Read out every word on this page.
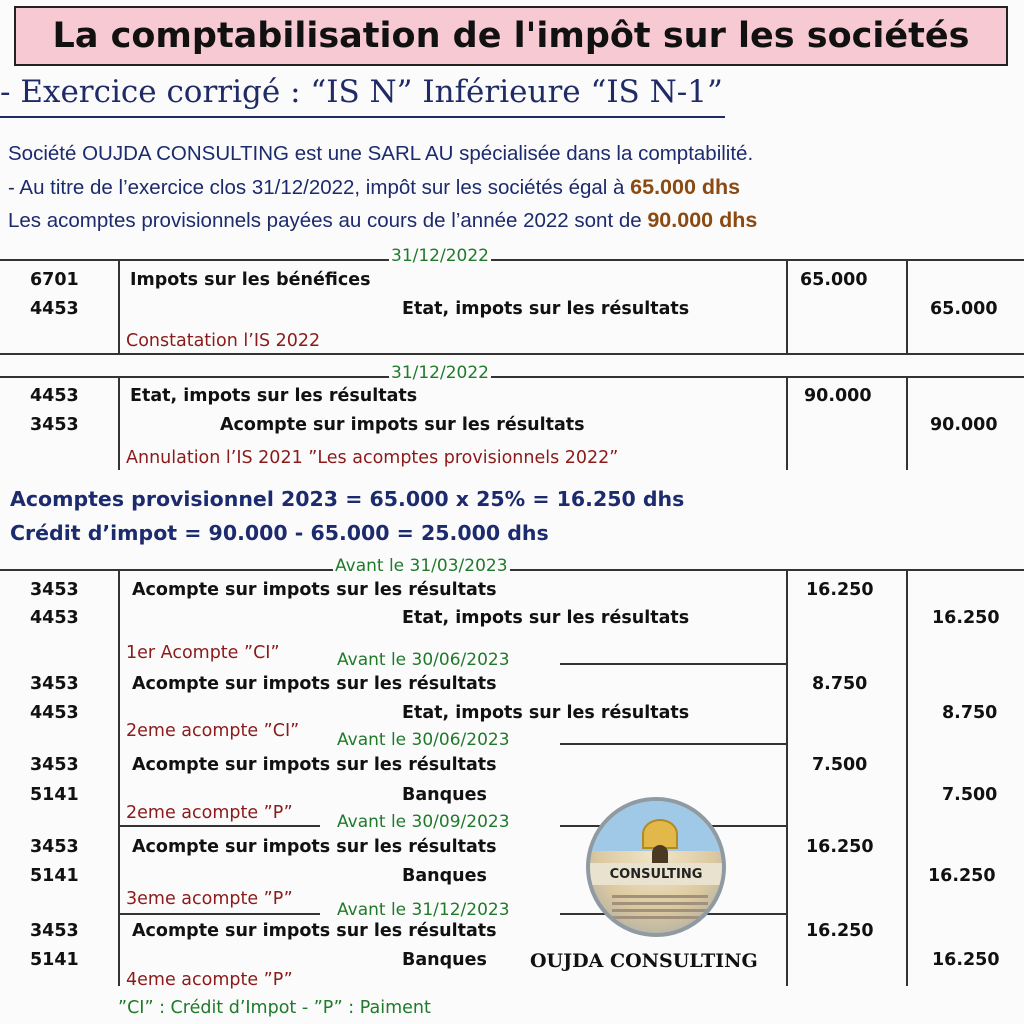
La comptabilisation de l'impôt sur les sociétés
- Exercice corrigé : “IS N” Inférieure “IS N-1”
Société OUJDA CONSULTING est une SARL AU spécialisée dans la comptabilité.
- Au titre de l’exercice clos 31/12/2022, impôt sur les sociétés égal à 65.000 dhs
Les acomptes provisionnels payées au cours de l’année 2022 sont de 90.000 dhs
31/12/2022
6701
4453
Impots sur les bénéfices
Etat, impots sur les résultats
65.000
65.000
Constatation l’IS 2022
31/12/2022
4453
3453
Etat, impots sur les résultats
Acompte sur impots sur les résultats
90.000
90.000
Annulation l’IS 2021 ”Les acomptes provisionnels 2022”
Acomptes provisionnel 2023 = 65.000 x 25% = 16.250 dhs
Crédit d’impot = 90.000 - 65.000 = 25.000 dhs
Avant le 31/03/2023
3453
4453
Acompte sur impots sur les résultats
Etat, impots sur les résultats
16.250
16.250
1er Acompte ”CI”	Avant le 30/06/2023
3453
4453
Acompte sur impots sur les résultats
Etat, impots sur les résultats
8.750
8.750
2eme acompte ”CI” Avant le 30/06/2023
3453
5141
Acompte sur impots sur les résultats
Banques
7.500
7.500
2eme acompte ”P”	Avant le 30/09/2023
3453
5141
Acompte sur impots sur les résultats
Banques
16.250
16.250
3eme acompte ”P”
Avant le 31/12/2023
3453
5141
Acompte sur impots sur les résultats
Banques
16.250
16.250
4eme acompte ”P”
CONSULTING
OUJDA CONSULTING
”CI” : Crédit d’Impot - ”P” : Paiment
